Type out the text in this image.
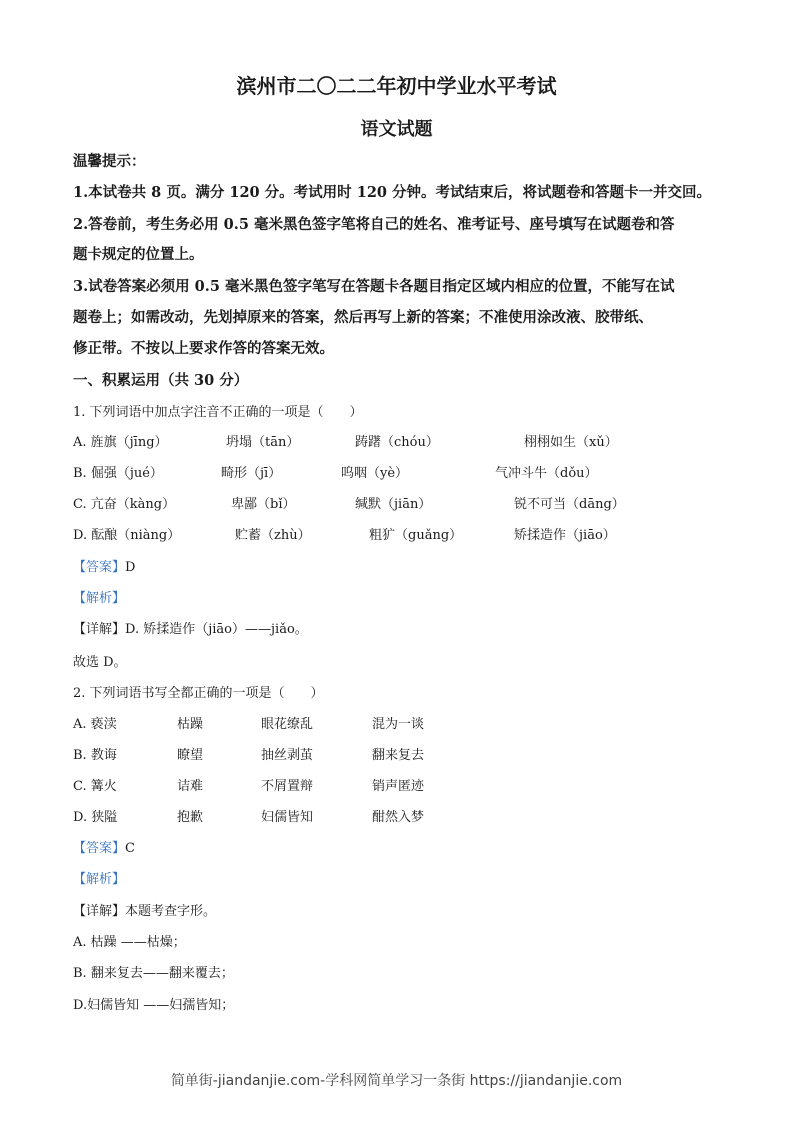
滨州市二〇二二年初中学业水平考试
语文试题
温馨提示：
1.本试卷共 8 页。满分 120 分。考试用时 120 分钟。考试结束后，将试题卷和答题卡一并交回。
2.答卷前，考生务必用 0.5 毫米黑色签字笔将自己的姓名、准考证号、座号填写在试题卷和答
题卡规定的位置上。
3.试卷答案必须用 0.5 毫米黑色签字笔写在答题卡各题目指定区域内相应的位置，不能写在试
题卷上；如需改动，先划掉原来的答案，然后再写上新的答案；不准使用涂改液、胶带纸、
修正带。不按以上要求作答的答案无效。
一、积累运用（共 30 分）
1. 下列词语中加点字注音不正确的一项是（　　）
A. 旌旗（jīng）	坍塌（tān）	踌躇（chóu）	栩栩如生（xǔ）
B. 倔强（jué）	畸形（jī）	呜咽（yè）	气冲斗牛（dǒu）
C. 亢奋（kàng）	卑鄙（bǐ）	缄默（jiān）	锐不可当（dāng）
D. 酝酿（niàng）	贮蓄（zhù）	粗犷（guǎng）	矫揉造作（jiāo）
【答案】D
【解析】
【详解】D. 矫揉造作（jiāo）——jiǎo。
故选 D。
2. 下列词语书写全都正确的一项是（　　）
A. 亵渎	枯躁	眼花缭乱	混为一谈
B. 教诲	瞭望	抽丝剥茧	翻来复去
C. 篝火	诘难	不屑置辩	销声匿迹
D. 狭隘	抱歉	妇儒皆知	酣然入梦
【答案】C
【解析】
【详解】本题考查字形。
A. 枯躁 ——枯燥；
B. 翻来复去——翻来覆去；
D.妇儒皆知 ——妇孺皆知；
简单街-jiandanjie.com-学科网简单学习一条街 https://jiandanjie.com
